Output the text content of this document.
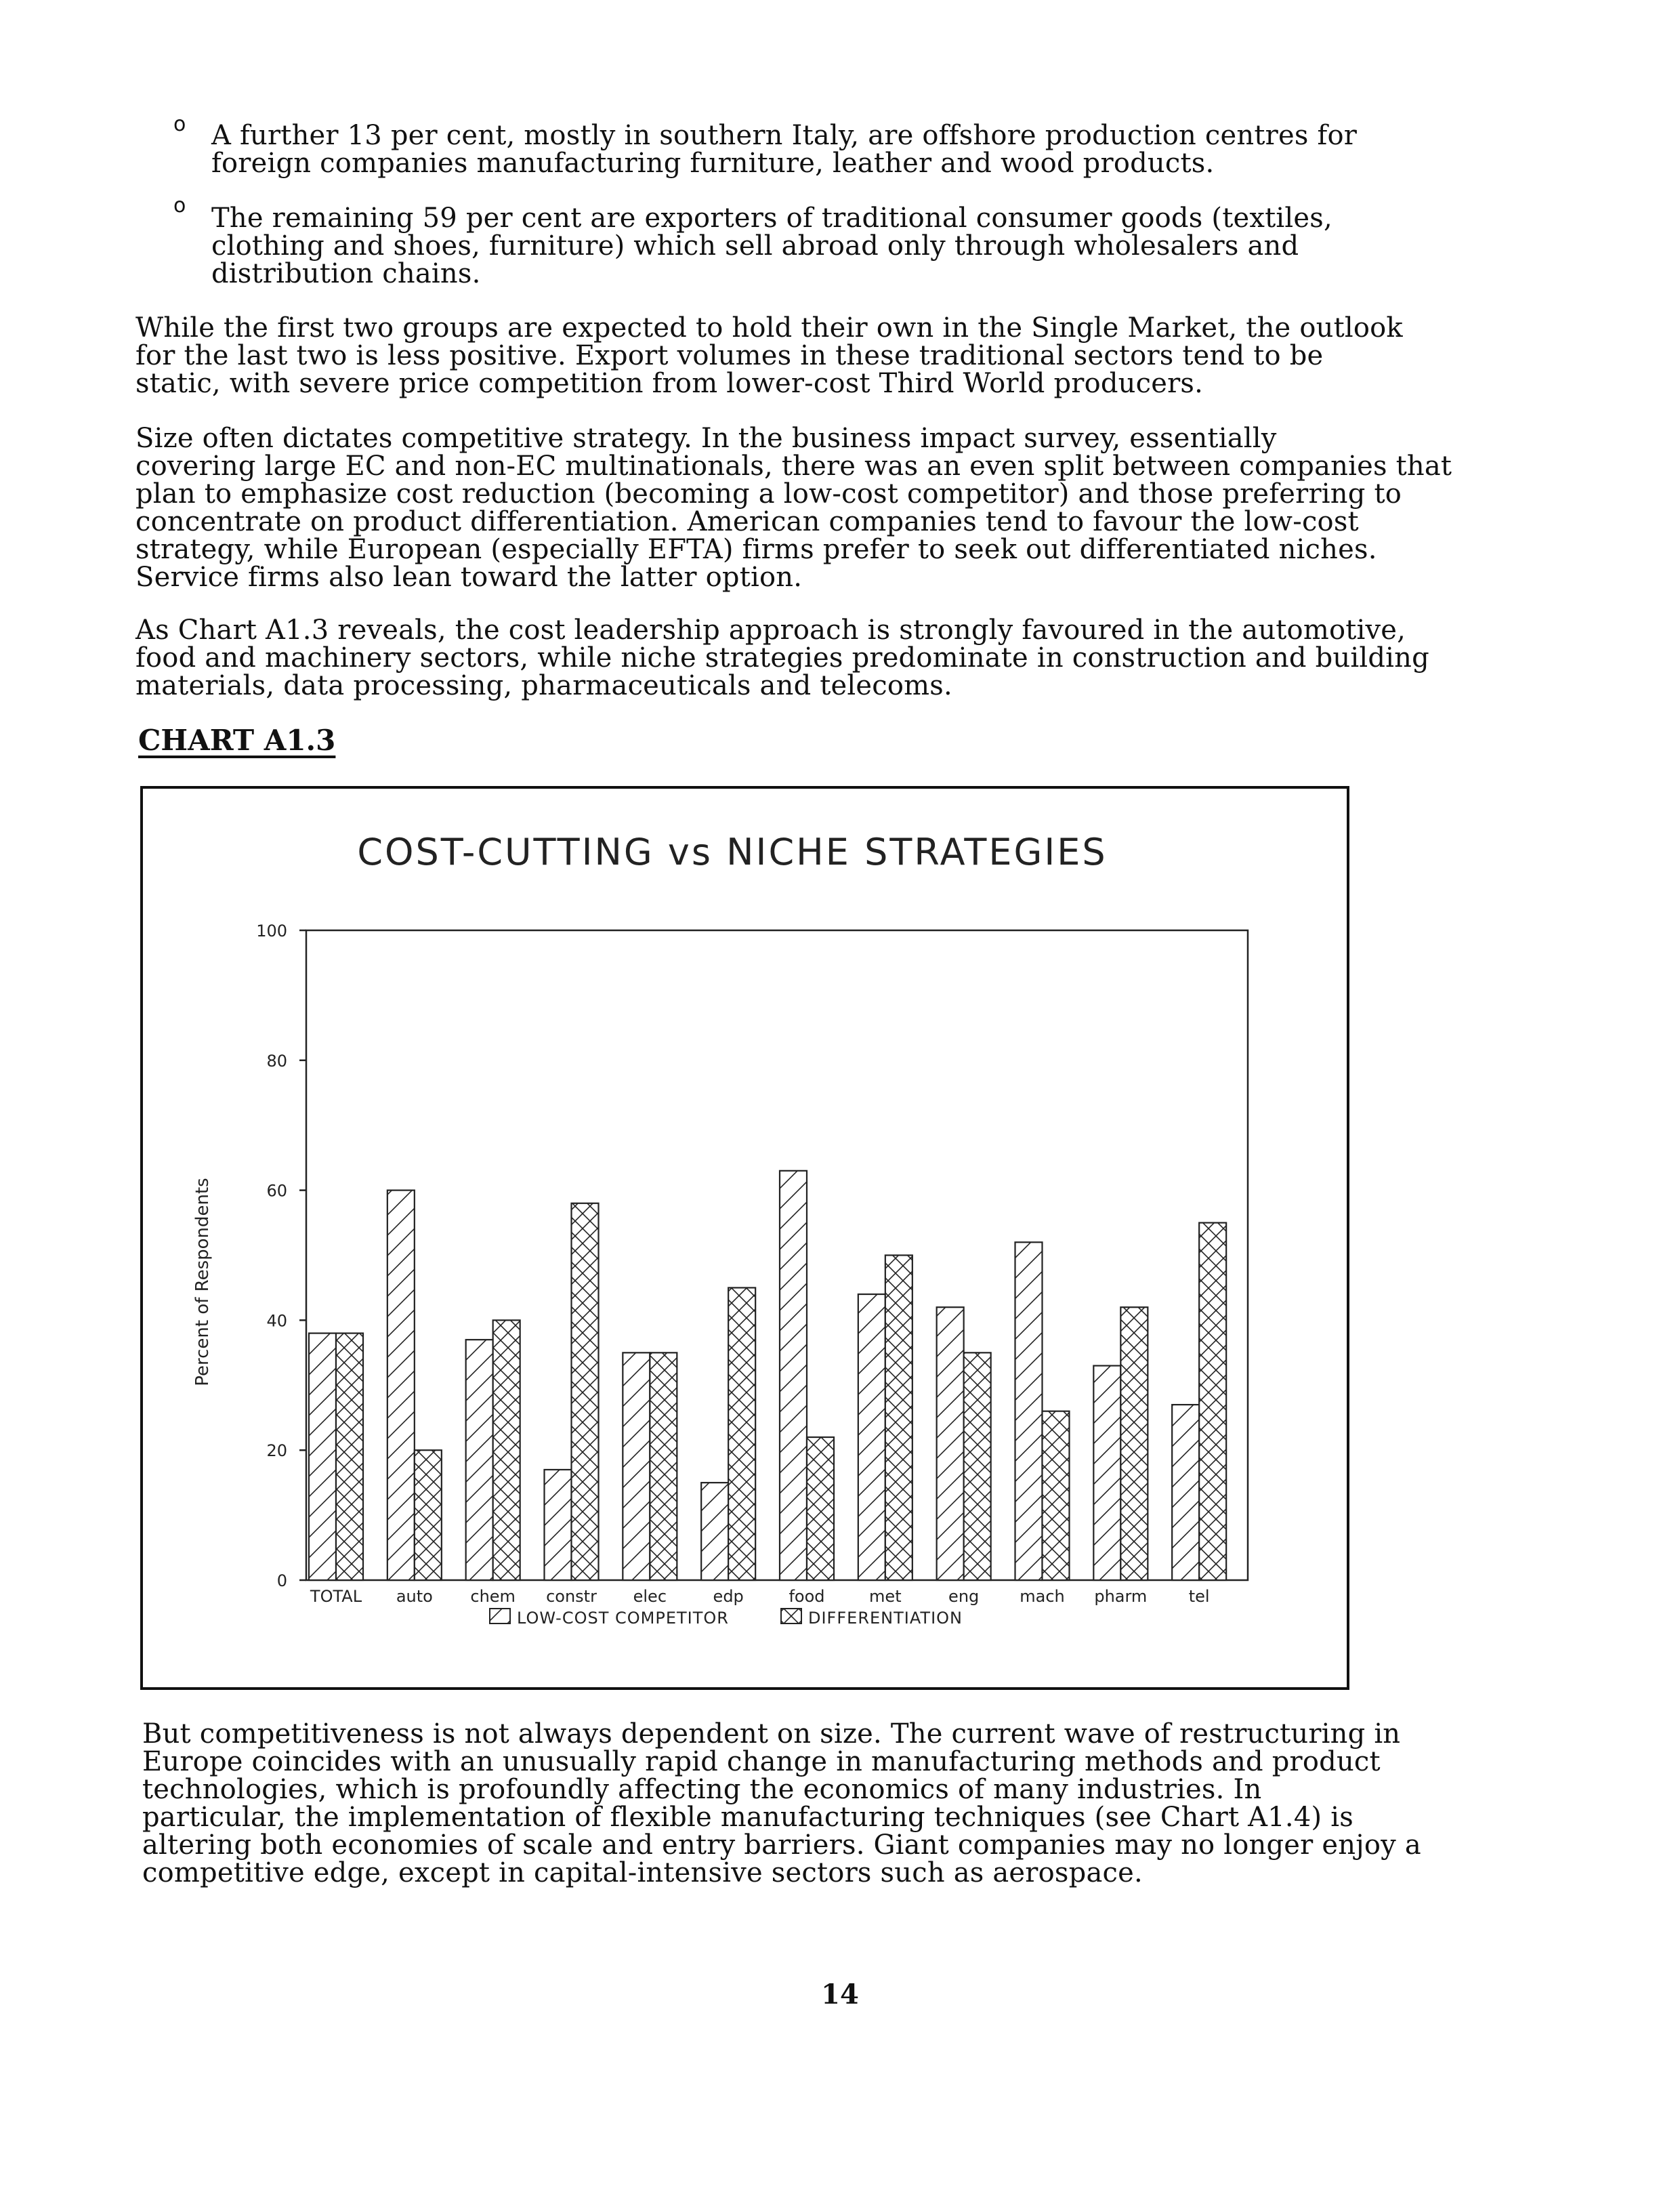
o A further 13 per cent, mostly in southern Italy, are offshore production centres for
foreign companies manufacturing furniture, leather and wood products.

o The remaining 59 per cent are exporters of traditional consumer goods (textiles,
clothing and shoes, furniture) which sell abroad only through wholesalers and
distribution chains.

While the first two groups are expected to hold their own in the Single Market, the outlook
for the last two is less positive. Export volumes in these traditional sectors tend to be
static, with severe price competition from lower-cost Third World producers.

Size often dictates competitive strategy. In the business impact survey, essentially
covering large EC and non-EC multinationals, there was an even split between companies that
plan to emphasize cost reduction (becoming a low-cost competitor) and those preferring to
concentrate on product differentiation. American companies tend to favour the low-cost
strategy, while European (especially EFTA) firms prefer to seek out differentiated niches.
Service firms also lean toward the latter option.

As Chart A1.3 reveals, the cost leadership approach is strongly favoured in the automotive,
food and machinery sectors, while niche strategies predominate in construction and building
materials, data processing, pharmaceuticals and telecoms.

CHART A1.3
COST-CUTTING vs NICHE STRATEGIES
Percent of Respondents
0
20
40
60
80
100
TOTAL auto chem constr elec	edp	food	met	eng mach pharm	tel
LOW-COST COMPETITOR	DIFFERENTIATION

But competitiveness is not always dependent on size. The current wave of restructuring in
Europe coincides with an unusually rapid change in manufacturing methods and product
technologies, which is profoundly affecting the economics of many industries. In
particular, the implementation of flexible manufacturing techniques (see Chart A1.4) is
altering both economies of scale and entry barriers. Giant companies may no longer enjoy a
competitive edge, except in capital-intensive sectors such as aerospace.

14
